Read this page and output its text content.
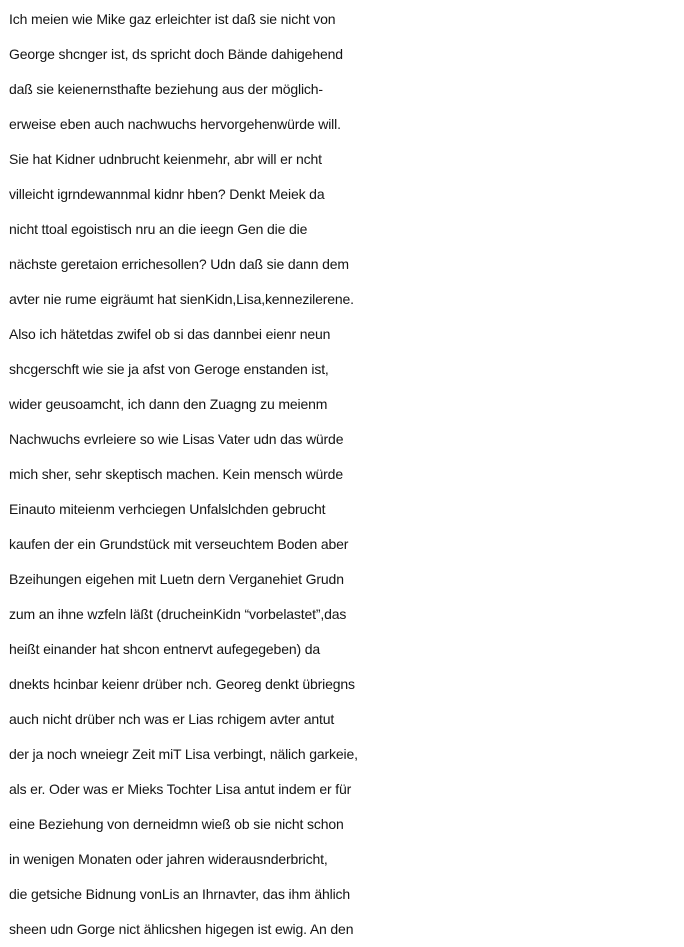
Ich meien wie Mike gaz erleichter ist daß sie nicht von
George shcnger ist, ds spricht doch Bände dahigehend
daß sie keienernsthafte beziehung aus der möglich-
erweise eben auch nachwuchs hervorgehenwürde will.
Sie hat Kidner udnbrucht keienmehr, abr will er ncht
villeicht igrndewannmal kidnr hben? Denkt Meiek da
nicht ttoal egoistisch nru an die ieegn Gen die die
nächste geretaion errichesollen? Udn daß sie dann dem
avter nie rume eigräumt hat sienKidn,Lisa,kennezilerene.
Also ich hätetdas zwifel ob si das dannbei eienr neun
shcgerschft wie sie ja afst von Geroge enstanden ist,
wider geusoamcht, ich dann den Zuagng zu meienm
Nachwuchs evrleiere so wie Lisas Vater udn das würde
mich sher, sehr skeptisch machen. Kein mensch würde
Einauto miteienm verhciegen Unfalslchden gebrucht
kaufen der ein Grundstück mit verseuchtem Boden aber
Bzeihungen eigehen mit Luetn dern Verganehiet Grudn
zum an ihne wzfeln läßt (drucheinKidn “vorbelastet”,das
heißt einander hat shcon entnervt aufegegeben) da
dnekts hcinbar keienr drüber nch. Georeg denkt übriegns
auch nicht drüber nch was er Lias rchigem avter antut
der ja noch wneiegr Zeit miT Lisa verbingt, nälich garkeie,
als er. Oder was er Mieks Tochter Lisa antut indem er für
eine Beziehung von derneidmn wieß ob sie nicht schon
in wenigen Monaten oder jahren widerausnderbricht,
die getsiche Bidnung vonLis an Ihrnavter, das ihm ählich
sheen udn Gorge nict ählicshen higegen ist ewig. An den
